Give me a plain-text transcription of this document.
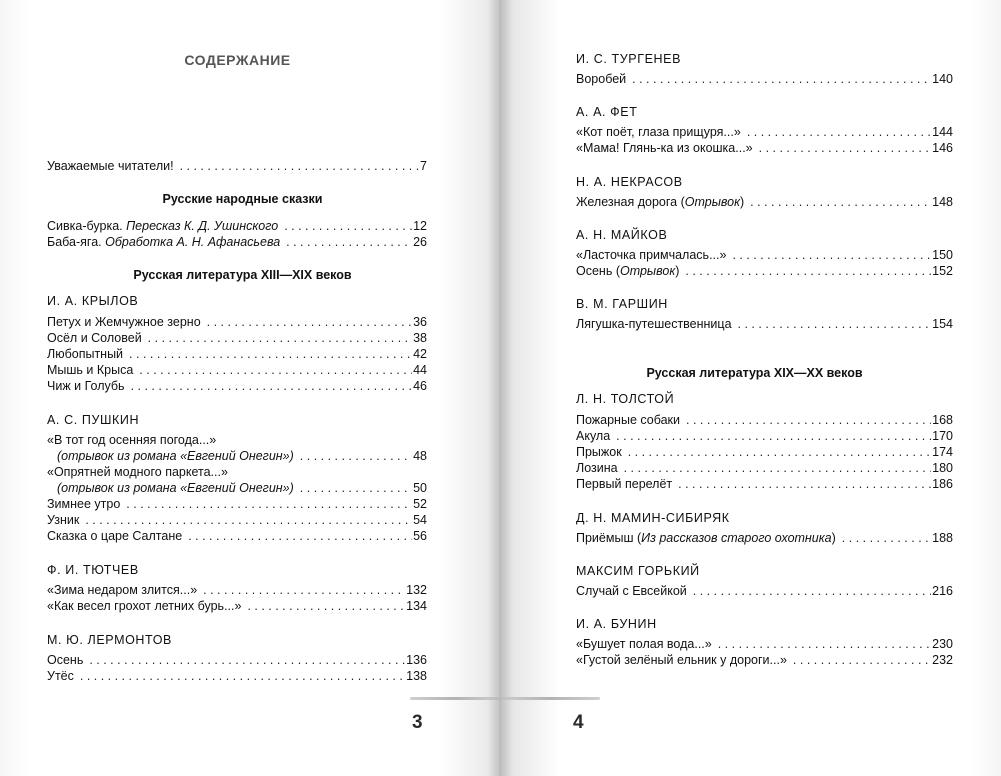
СОДЕРЖАНИЕ
Уважаемые читатели! . . .	7
Русские народные сказки
Сивка-бурка. Пересказ К. Д. Ушинского . . .	12
Баба-яга. Обработка А. Н. Афанасьева . . .	26
Русская литература XIII—XIX веков
И. А. КРЫЛОВ
Петух и Жемчужное зерно . . .	36
Осёл и Соловей . . .	38
Любопытный . . .	42
Мышь и Крыса . . .	44
Чиж и Голубь . . .	46
А. С. ПУШКИН
«В тот год осенняя погода...»
(отрывок из романа «Евгений Онегин») . . .	48
«Опрятней модного паркета...»
(отрывок из романа «Евгений Онегин») . . .	50
Зимнее утро . . .	52
Узник . . .	54
Сказка о царе Салтане . . .	56
Ф. И. ТЮТЧЕВ
«Зима недаром злится...» . . .	132
«Как весел грохот летних бурь...» . . .	134
М. Ю. ЛЕРМОНТОВ
Осень . . .	136
Утёс . . .	138
3
И. С. ТУРГЕНЕВ
Воробей . . .	140
А. А. ФЕТ
«Кот поёт, глаза прищуря...» . . .	144
«Мама! Глянь-ка из окошка...» . . .	146
Н. А. НЕКРАСОВ
Железная дорога (Отрывок) . . .	148
А. Н. МАЙКОВ
«Ласточка примчалась...» . . .	150
Осень (Отрывок) . . .	152
В. М. ГАРШИН
Лягушка-путешественница . . .	154
Русская литература XIX—XX веков
Л. Н. ТОЛСТОЙ
Пожарные собаки . . .	168
Акула . . .	170
Прыжок . . .	174
Лозина . . .	180
Первый перелёт . . .	186
Д. Н. МАМИН-СИБИРЯК
Приёмыш (Из рассказов старого охотника) . . .	188
МАКСИМ ГОРЬКИЙ
Случай с Евсейкой . . .	216
И. А. БУНИН
«Бушует полая вода...» . . .	230
«Густой зелёный ельник у дороги...» . . .	232
4
